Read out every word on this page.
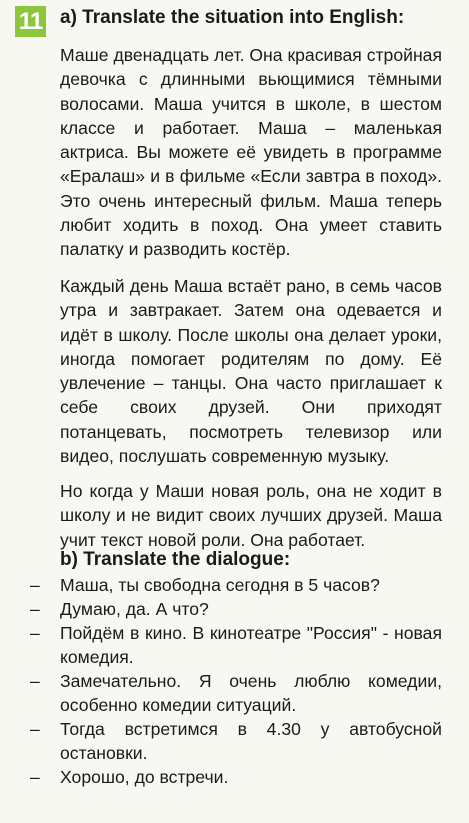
11 a) Translate the situation into English:

Маше двенадцать лет. Она красивая стройная девочка с длинными вьющимися тёмными волосами. Маша учится в школе, в шестом классе и работает. Маша – маленькая актриса. Вы можете её увидеть в программе «Ералаш» и в фильме «Если завтра в поход». Это очень интересный фильм. Маша теперь любит ходить в поход. Она умеет ставить палатку и разводить костёр.

Каждый день Маша встаёт рано, в семь часов утра и завтракает. Затем она одевается и идёт в школу. После школы она делает уроки, иногда помогает родителям по дому. Её увлечение – танцы. Она часто приглашает к себе своих друзей. Они приходят потанцевать, посмотреть телевизор или видео, послушать современную музыку.

Но когда у Маши новая роль, она не ходит в школу и не видит своих лучших друзей. Маша учит текст новой роли. Она работает.

b) Translate the dialogue:
–	Маша, ты свободна сегодня в 5 часов?
–	Думаю, да. А что?
–	Пойдём в кино. В кинотеатре "Россия" - новая комедия.
–	Замечательно. Я очень люблю комедии, особенно комедии ситуаций.
–	Тогда встретимся в 4.30 у автобусной остановки.
–	Хорошо, до встречи.
